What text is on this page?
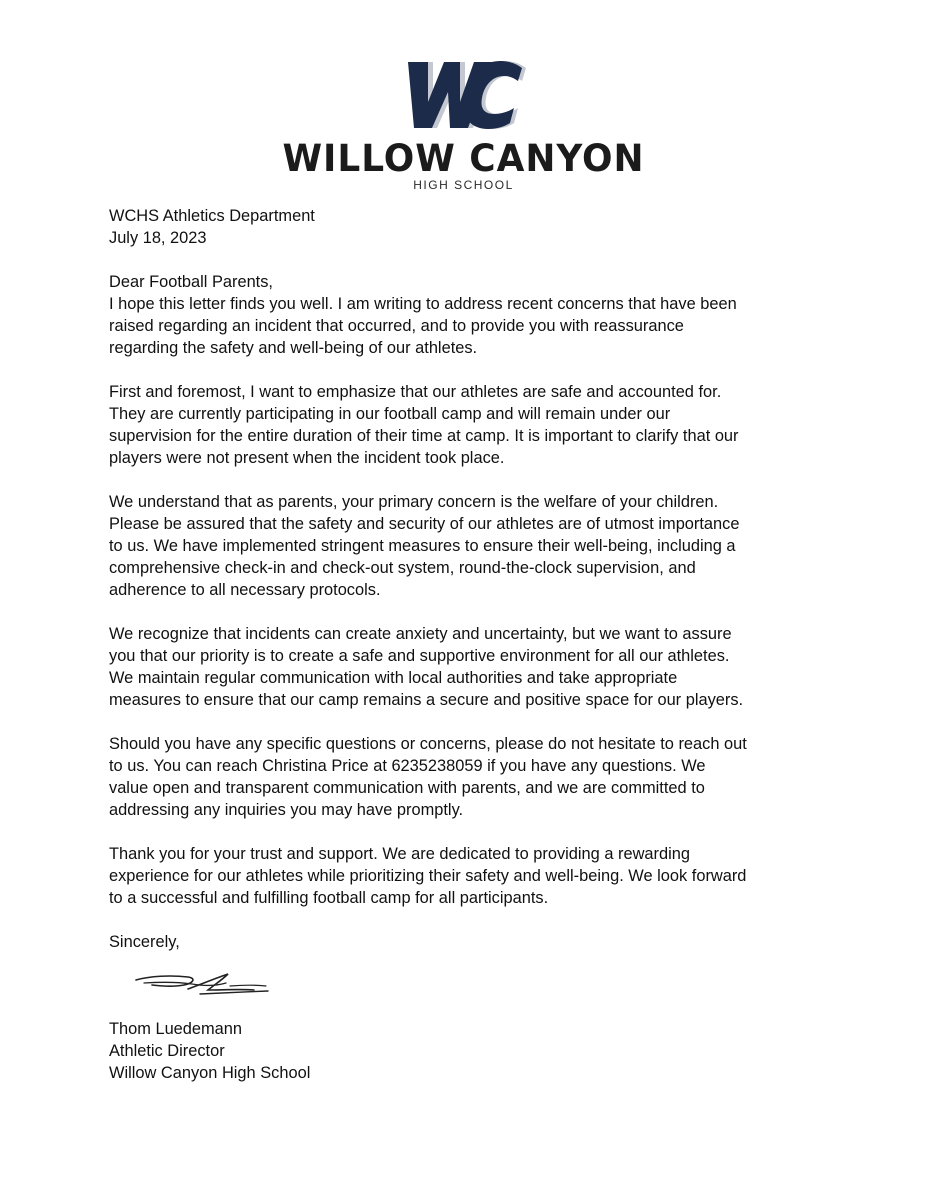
WILLOW CANYON
HIGH SCHOOL

WCHS Athletics Department
July 18, 2023

Dear Football Parents,

I hope this letter finds you well. I am writing to address recent concerns that have been
raised regarding an incident that occurred, and to provide you with reassurance
regarding the safety and well-being of our athletes.

First and foremost, I want to emphasize that our athletes are safe and accounted for.
They are currently participating in our football camp and will remain under our
supervision for the entire duration of their time at camp. It is important to clarify that our
players were not present when the incident took place.

We understand that as parents, your primary concern is the welfare of your children.
Please be assured that the safety and security of our athletes are of utmost importance
to us. We have implemented stringent measures to ensure their well-being, including a
comprehensive check-in and check-out system, round-the-clock supervision, and
adherence to all necessary protocols.

We recognize that incidents can create anxiety and uncertainty, but we want to assure
you that our priority is to create a safe and supportive environment for all our athletes.
We maintain regular communication with local authorities and take appropriate
measures to ensure that our camp remains a secure and positive space for our players.

Should you have any specific questions or concerns, please do not hesitate to reach out
to us. You can reach Christina Price at 6235238059 if you have any questions. We
value open and transparent communication with parents, and we are committed to
addressing any inquiries you may have promptly.

Thank you for your trust and support. We are dedicated to providing a rewarding
experience for our athletes while prioritizing their safety and well-being. We look forward
to a successful and fulfilling football camp for all participants.

Sincerely,

Thom Luedemann
Athletic Director
Willow Canyon High School
